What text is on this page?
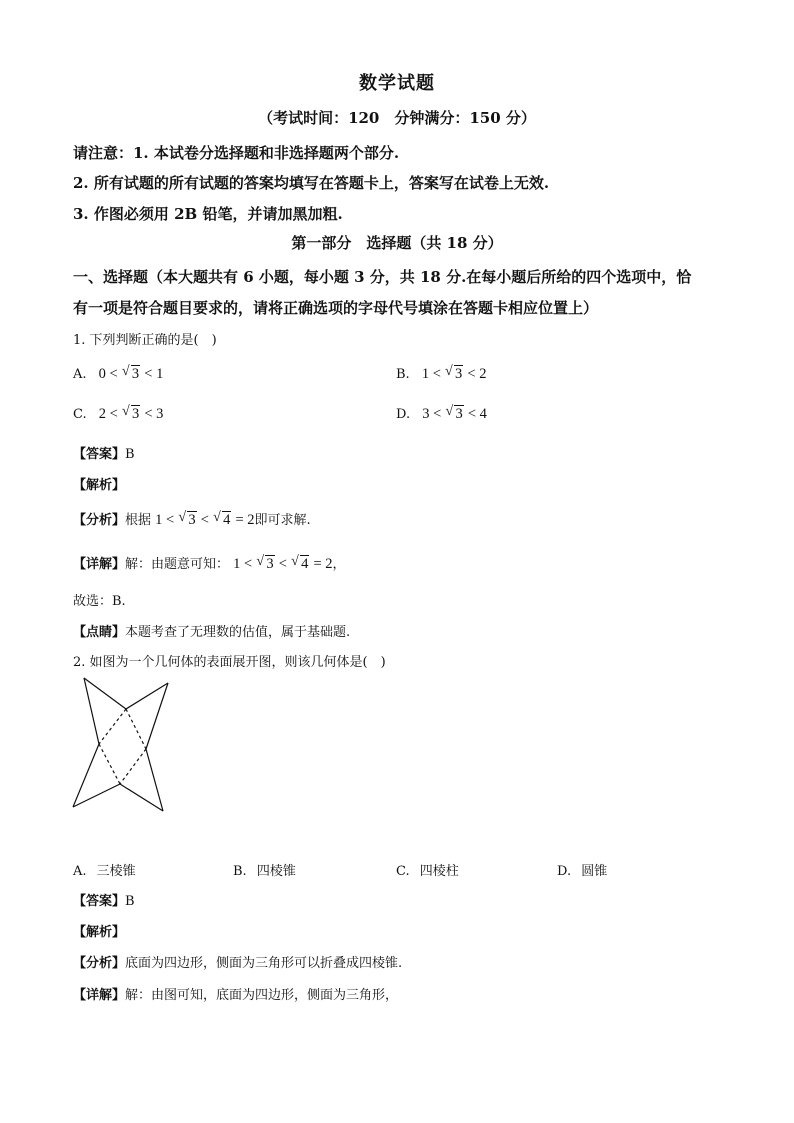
数学试题
（考试时间：120　分钟满分：150 分）
请注意：1. 本试卷分选择题和非选择题两个部分.
2. 所有试题的所有试题的答案均填写在答题卡上，答案写在试卷上无效.
3. 作图必须用 2B 铅笔，并请加黑加粗.
第一部分　选择题（共 18 分）
一、选择题（本大题共有 6 小题，每小题 3 分，共 18 分.在每小题后所给的四个选项中，恰
有一项是符合题目要求的，请将正确选项的字母代号填涂在答题卡相应位置上）
1. 下列判断正确的是(　)
A. 0 < √ 3 < 1	B. 1 < √ 3 < 2
C. 2 < √ 3 < 3	D. 3 < √ 3 < 4
【答案】B
【解析】
【分析】根据 1 < √ 3 < √ 4 = 2即可求解.
【详解】解：由题意可知： 1 < √ 3 < √ 4 = 2，
故选：B.
【点睛】本题考查了无理数的估值，属于基础题.
2. 如图为一个几何体的表面展开图，则该几何体是(　)
A. 三棱锥	B. 四棱锥	C. 四棱柱	D. 圆锥
【答案】B
【解析】
【分析】底面为四边形，侧面为三角形可以折叠成四棱锥.
【详解】解：由图可知，底面为四边形，侧面为三角形，
